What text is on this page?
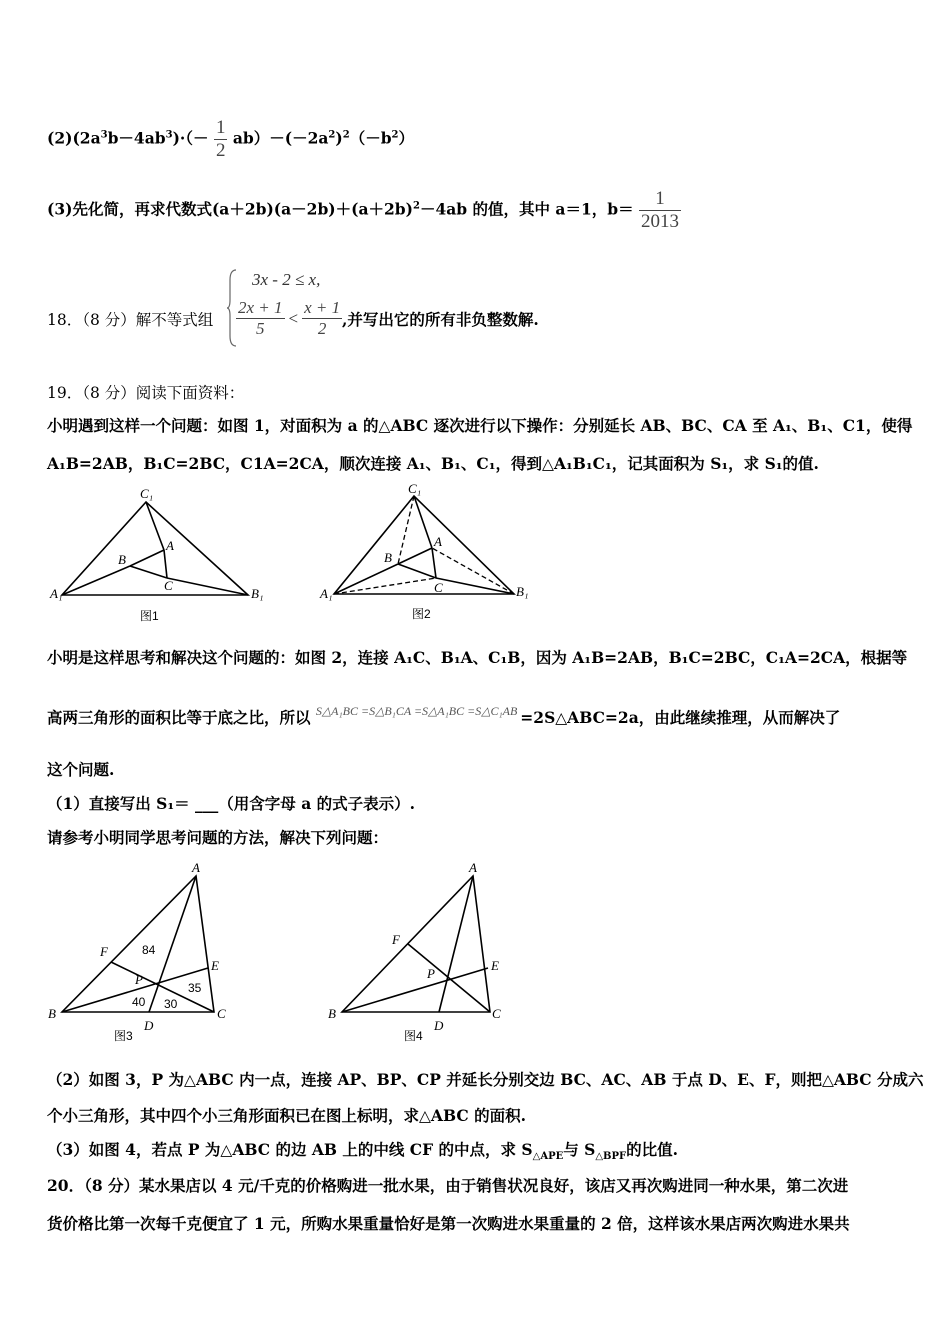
$(2)(2a^3b-4ab^3)\cdot(- \frac{1}{2} ab)-(-2a^2)^2(-b^2)$
(3)先化简，再求代数式$(a+2b)(a-2b)+(a+2b)^2-4ab$ 的值，其中 a＝1，$b= \frac{1}{2013}$
18．（8 分）解不等式组
3x - 2 ≤ x,
$\frac{2x + 1}{5} < \frac{x + 1}{2}$ ,并写出它的所有非负整数解.
19．（8 分）阅读下面资料：
小明遇到这样一个问题：如图 1，对面积为 a 的△ABC 逐次进行以下操作：分别延长 AB、BC、CA 至 A₁、B₁、C1，使得
A₁B=2AB，B₁C=2BC，C1A=2CA，顺次连接 A₁、B₁、C₁，得到△A₁B₁C₁，记其面积为 S₁，求 S₁的值.
C₁
A
B
C
A₁	B₁
图1
C₁
A
B
C
A₁	B₁
图2
小明是这样思考和解决这个问题的：如图 2，连接 A₁C、B₁A、C₁B，因为 A₁B=2AB，B₁C=2BC，C₁A=2CA，根据等
高两三角形的面积比等于底之比，所以 $^{S\triangle A_1BC =S\triangle B_1CA =S\triangle A_1BC =S\triangle C_1AB}$ =2S△ABC=2a，由此继续推理，从而解决了
这个问题.
（1）直接写出 S₁＝ ___（用含字母 a 的式子表示）.
请参考小明同学思考问题的方法，解决下列问题：
A
F
E
P
B	C
D
84
35
40 30
图3
A
F
E
P
B	C
D
图4
（2）如图 3，P 为△ABC 内一点，连接 AP、BP、CP 并延长分别交边 BC、AC、AB 于点 D、E、F，则把△ABC 分成六
个小三角形，其中四个小三角形面积已在图上标明，求△ABC 的面积.
（3）如图 4，若点 P 为△ABC 的边 AB 上的中线 CF 的中点，求 $S_{\triangle APE}$与 $S_{\triangle BPF}$的比值.
20．（8 分）某水果店以 4 元/千克的价格购进一批水果，由于销售状况良好，该店又再次购进同一种水果，第二次进
货价格比第一次每千克便宜了 1 元，所购水果重量恰好是第一次购进水果重量的 2 倍，这样该水果店两次购进水果共
